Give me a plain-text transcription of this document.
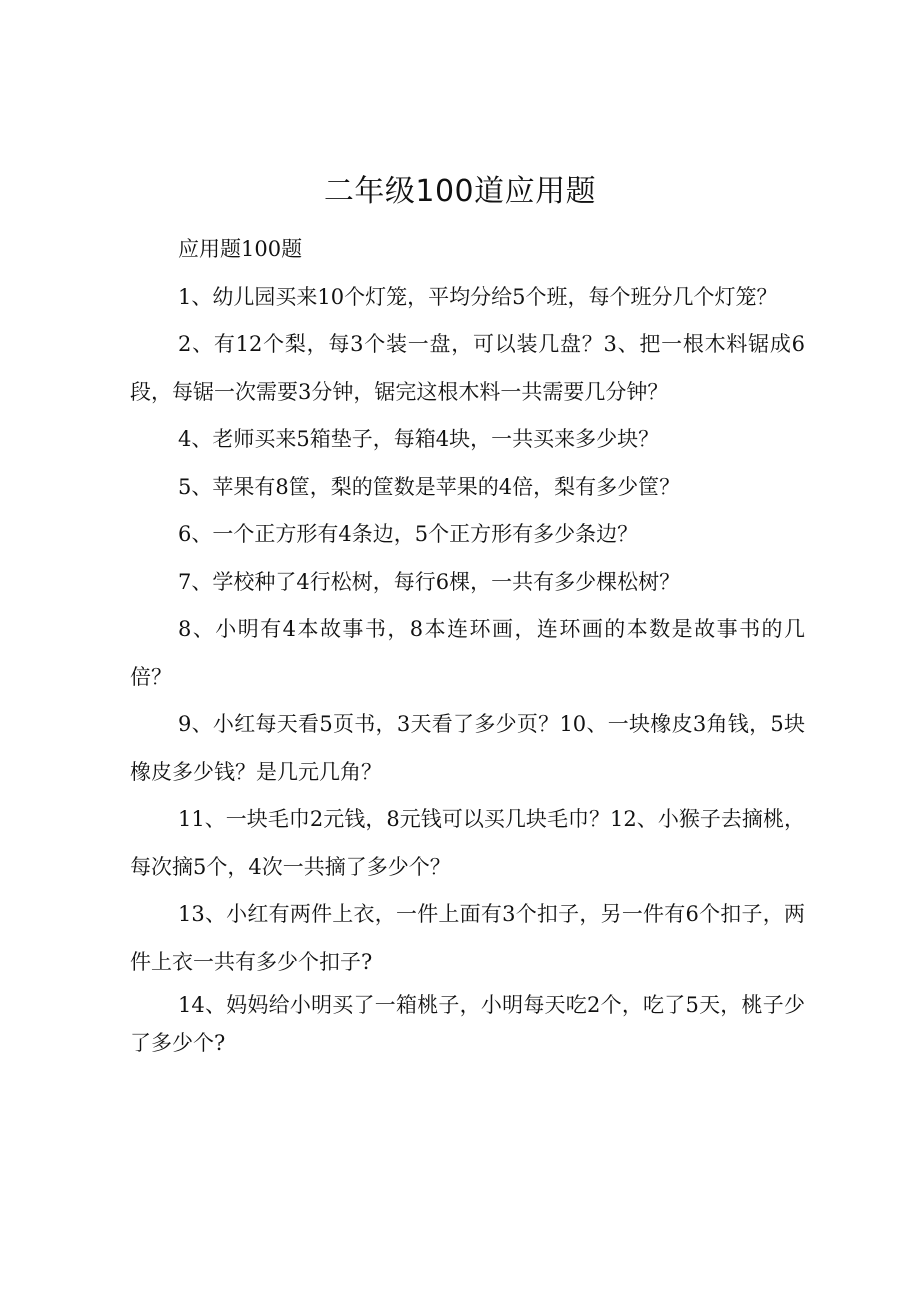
二年级100道应用题

应用题100题

1、幼儿园买来10个灯笼，平均分给5个班，每个班分几个灯笼？

2、有12个梨，每3个装一盘，可以装几盘？3、把一根木料锯成6段，每锯一次需要3分钟，锯完这根木料一共需要几分钟？

4、老师买来5箱垫子，每箱4块，一共买来多少块？

5、苹果有8筐，梨的筐数是苹果的4倍，梨有多少筐？

6、一个正方形有4条边，5个正方形有多少条边？

7、学校种了4行松树，每行6棵，一共有多少棵松树？

8、小明有4本故事书，8本连环画，连环画的本数是故事书的几倍？

9、小红每天看5页书，3天看了多少页？10、一块橡皮3角钱，5块橡皮多少钱？是几元几角？

11、一块毛巾2元钱，8元钱可以买几块毛巾？12、小猴子去摘桃，每次摘5个，4次一共摘了多少个？

13、小红有两件上衣，一件上面有3个扣子，另一件有6个扣子，两件上衣一共有多少个扣子?

14、妈妈给小明买了一箱桃子，小明每天吃2个，吃了5天，桃子少了多少个?
